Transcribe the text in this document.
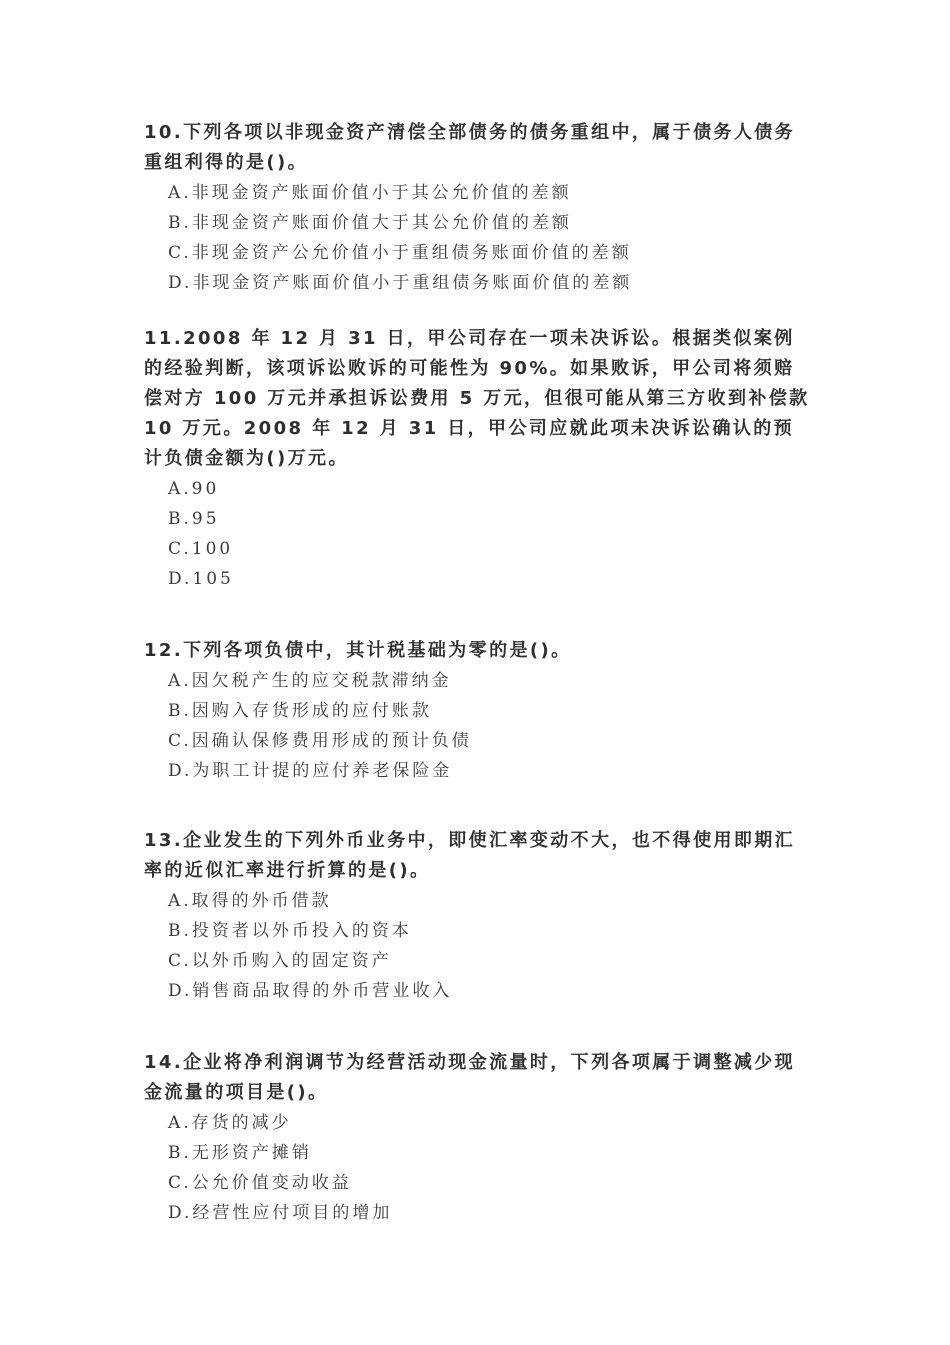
10.下列各项以非现金资产清偿全部债务的债务重组中，属于债务人债务重组利得的是()。

A.非现金资产账面价值小于其公允价值的差额
B.非现金资产账面价值大于其公允价值的差额
C.非现金资产公允价值小于重组债务账面价值的差额
D.非现金资产账面价值小于重组债务账面价值的差额

11.2008 年 12 月 31 日，甲公司存在一项未决诉讼。根据类似案例的经验判断，该项诉讼败诉的可能性为 90%。如果败诉，甲公司将须赔偿对方 100 万元并承担诉讼费用 5 万元，但很可能从第三方收到补偿款 10 万元。2008 年 12 月 31 日，甲公司应就此项未决诉讼确认的预计负债金额为()万元。

A.90
B.95
C.100
D.105

12.下列各项负债中，其计税基础为零的是()。

A.因欠税产生的应交税款滞纳金
B.因购入存货形成的应付账款
C.因确认保修费用形成的预计负债
D.为职工计提的应付养老保险金

13.企业发生的下列外币业务中，即使汇率变动不大，也不得使用即期汇率的近似汇率进行折算的是()。

A.取得的外币借款
B.投资者以外币投入的资本
C.以外币购入的固定资产
D.销售商品取得的外币营业收入

14.企业将净利润调节为经营活动现金流量时，下列各项属于调整减少现金流量的项目是()。

A.存货的减少
B.无形资产摊销
C.公允价值变动收益
D.经营性应付项目的增加
